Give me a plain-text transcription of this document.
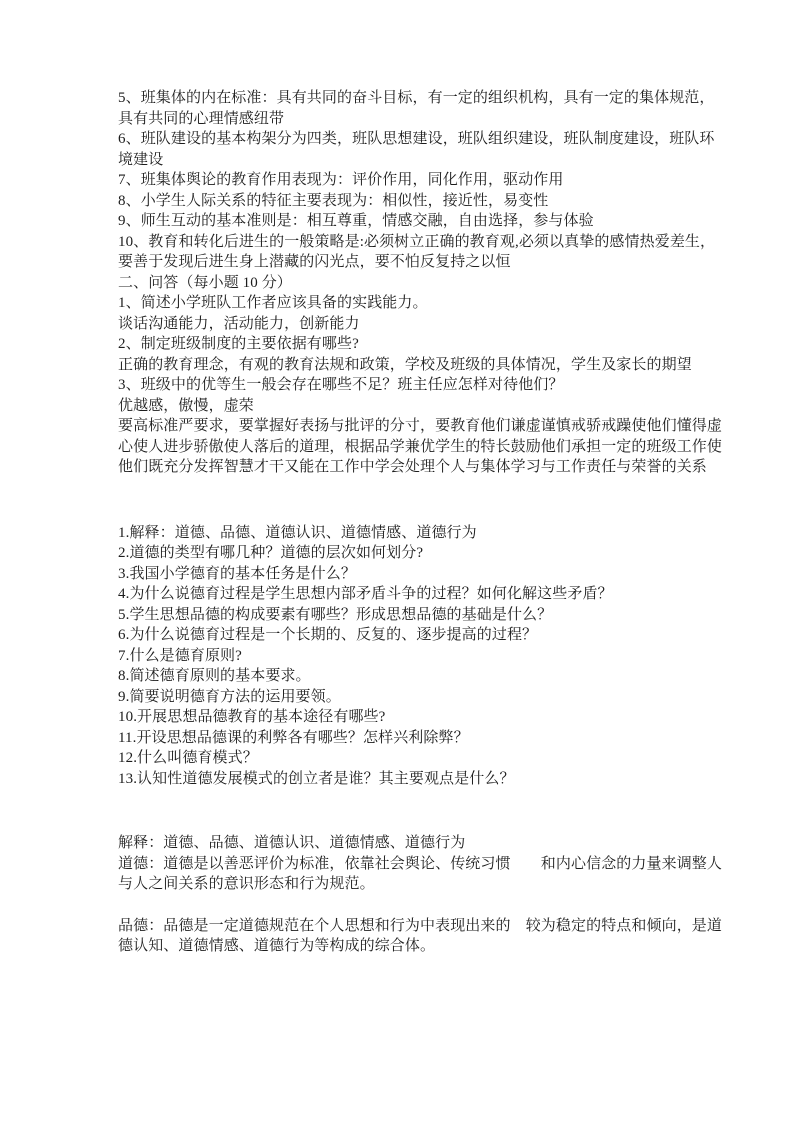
5、班集体的内在标准：具有共同的奋斗目标，有一定的组织机构，具有一定的集体规范，
具有共同的心理情感纽带
6、班队建设的基本构架分为四类，班队思想建设，班队组织建设，班队制度建设，班队环
境建设
7、班集体舆论的教育作用表现为：评价作用，同化作用，驱动作用
8、小学生人际关系的特征主要表现为：相似性，接近性，易变性
9、师生互动的基本准则是：相互尊重，情感交融，自由选择，参与体验
10、教育和转化后进生的一般策略是:必须树立正确的教育观,必须以真挚的感情热爱差生，
要善于发现后进生身上潜藏的闪光点，要不怕反复持之以恒
二、问答（每小题 10 分）
1、简述小学班队工作者应该具备的实践能力。
谈话沟通能力，活动能力，创新能力
2、制定班级制度的主要依据有哪些?
正确的教育理念，有观的教育法规和政策，学校及班级的具体情况，学生及家长的期望
3、班级中的优等生一般会存在哪些不足？班主任应怎样对待他们？
优越感，傲慢，虚荣
要高标准严要求，要掌握好表扬与批评的分寸，要教育他们谦虚谨慎戒骄戒躁使他们懂得虚
心使人进步骄傲使人落后的道理，根据品学兼优学生的特长鼓励他们承担一定的班级工作使
他们既充分发挥智慧才干又能在工作中学会处理个人与集体学习与工作责任与荣誉的关系
1.解释：道德、品德、道德认识、道德情感、道德行为
2.道德的类型有哪几种？道德的层次如何划分?
3.我国小学德育的基本任务是什么？
4.为什么说德育过程是学生思想内部矛盾斗争的过程？如何化解这些矛盾？
5.学生思想品德的构成要素有哪些？形成思想品德的基础是什么？
6.为什么说德育过程是一个长期的、反复的、逐步提高的过程？
7.什么是德育原则?
8.简述德育原则的基本要求。
9.简要说明德育方法的运用要领。
10.开展思想品德教育的基本途径有哪些?
11.开设思想品德课的利弊各有哪些？怎样兴利除弊？
12.什么叫德育模式？
13.认知性道德发展模式的创立者是谁？其主要观点是什么？
解释：道德、品德、道德认识、道德情感、道德行为
道德：道德是以善恶评价为标准，依靠社会舆论、传统习惯　　和内心信念的力量来调整人
与人之间关系的意识形态和行为规范。
品德：品德是一定道德规范在个人思想和行为中表现出来的　较为稳定的特点和倾向，是道
德认知、道德情感、道德行为等构成的综合体。
